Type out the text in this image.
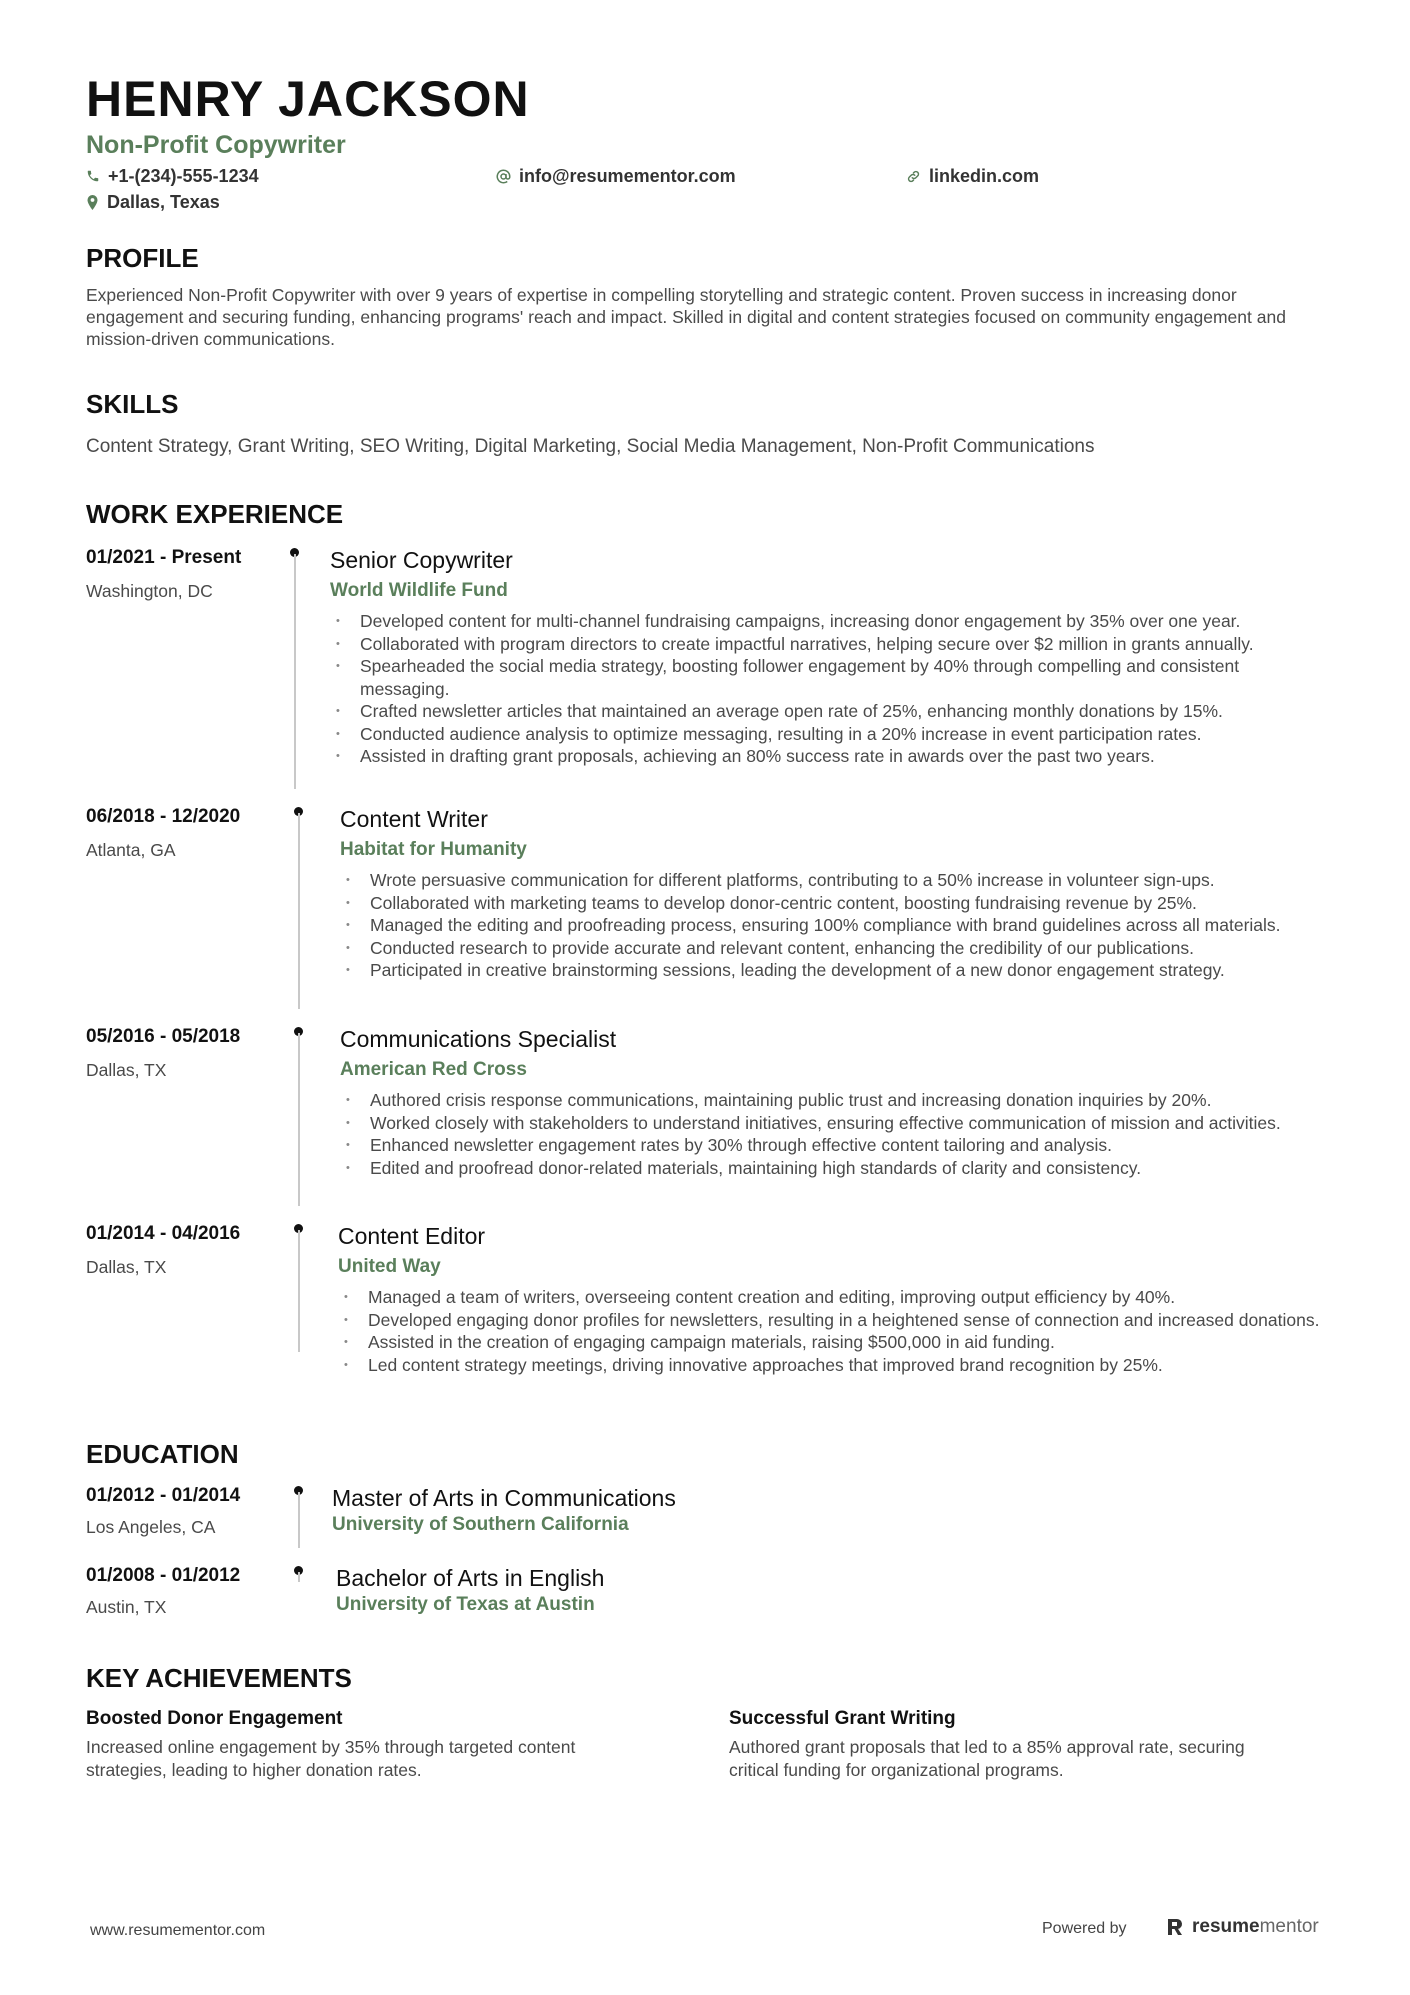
HENRY JACKSON
Non-Profit Copywriter
+1-(234)-555-1234	info@resumementor.com	linkedin.com
Dallas, Texas
PROFILE
Experienced Non-Profit Copywriter with over 9 years of expertise in compelling storytelling and strategic content. Proven success in increasing donor engagement and securing funding, enhancing programs' reach and impact. Skilled in digital and content strategies focused on community engagement and mission-driven communications.
SKILLS
Content Strategy, Grant Writing, SEO Writing, Digital Marketing, Social Media Management, Non-Profit Communications
WORK EXPERIENCE
01/2021 - Present
Washington, DC
Senior Copywriter
World Wildlife Fund
• Developed content for multi-channel fundraising campaigns, increasing donor engagement by 35% over one year.
• Collaborated with program directors to create impactful narratives, helping secure over $2 million in grants annually.
• Spearheaded the social media strategy, boosting follower engagement by 40% through compelling and consistent messaging.
• Crafted newsletter articles that maintained an average open rate of 25%, enhancing monthly donations by 15%.
• Conducted audience analysis to optimize messaging, resulting in a 20% increase in event participation rates.
• Assisted in drafting grant proposals, achieving an 80% success rate in awards over the past two years.
06/2018 - 12/2020
Atlanta, GA
Content Writer
Habitat for Humanity
• Wrote persuasive communication for different platforms, contributing to a 50% increase in volunteer sign-ups.
• Collaborated with marketing teams to develop donor-centric content, boosting fundraising revenue by 25%.
• Managed the editing and proofreading process, ensuring 100% compliance with brand guidelines across all materials.
• Conducted research to provide accurate and relevant content, enhancing the credibility of our publications.
• Participated in creative brainstorming sessions, leading the development of a new donor engagement strategy.
05/2016 - 05/2018
Dallas, TX
Communications Specialist
American Red Cross
• Authored crisis response communications, maintaining public trust and increasing donation inquiries by 20%.
• Worked closely with stakeholders to understand initiatives, ensuring effective communication of mission and activities.
• Enhanced newsletter engagement rates by 30% through effective content tailoring and analysis.
• Edited and proofread donor-related materials, maintaining high standards of clarity and consistency.
01/2014 - 04/2016
Dallas, TX
Content Editor
United Way
• Managed a team of writers, overseeing content creation and editing, improving output efficiency by 40%.
• Developed engaging donor profiles for newsletters, resulting in a heightened sense of connection and increased donations.
• Assisted in the creation of engaging campaign materials, raising $500,000 in aid funding.
• Led content strategy meetings, driving innovative approaches that improved brand recognition by 25%.
EDUCATION
01/2012 - 01/2014
Los Angeles, CA
Master of Arts in Communications
University of Southern California
01/2008 - 01/2012
Austin, TX
Bachelor of Arts in English
University of Texas at Austin
KEY ACHIEVEMENTS
Boosted Donor Engagement
Increased online engagement by 35% through targeted content strategies, leading to higher donation rates.
Successful Grant Writing
Authored grant proposals that led to a 85% approval rate, securing critical funding for organizational programs.
www.resumementor.com	Powered by	resumementor
